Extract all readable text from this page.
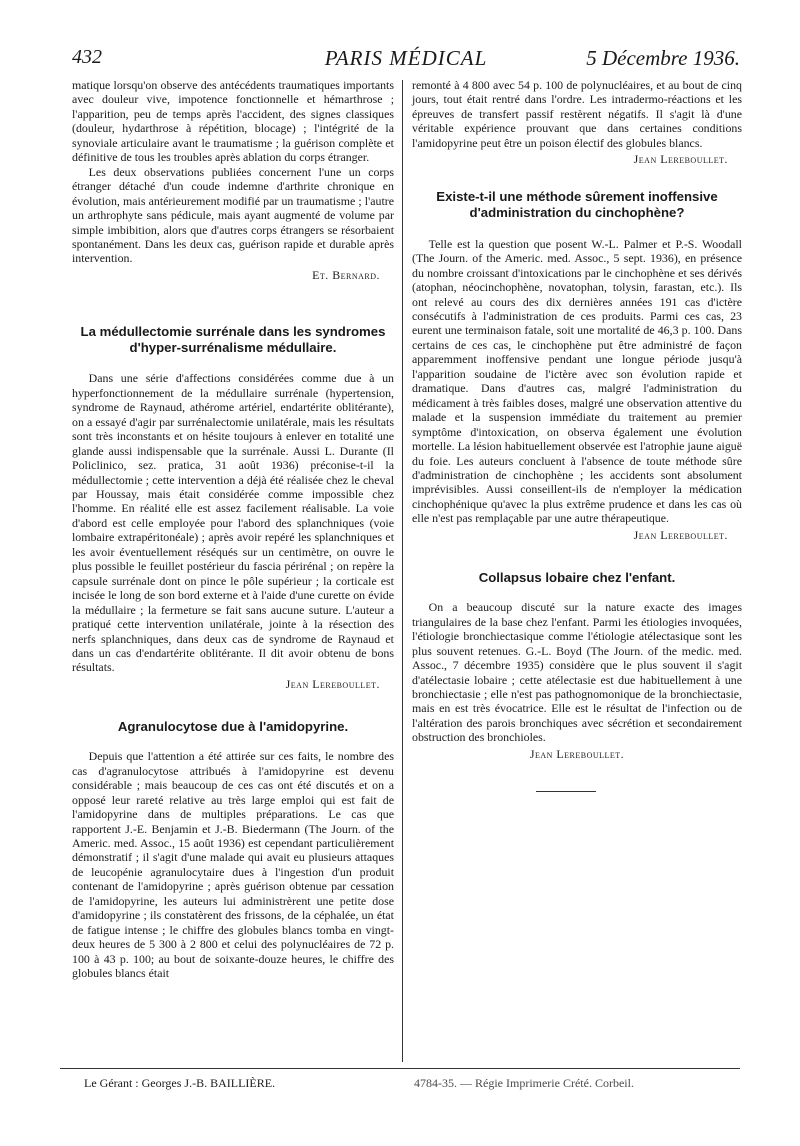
432	PARIS MÉDICAL	5 Décembre 1936.

matique lorsqu'on observe des antécédents traumatiques importants avec douleur vive, impotence fonctionnelle et hémarthrose ; l'apparition, peu de temps après l'accident, des signes classiques (douleur, hydarthrose à répétition, blocage) ; l'intégrité de la synoviale articulaire avant le traumatisme ; la guérison complète et définitive de tous les troubles après ablation du corps étranger.

Les deux observations publiées concernent l'une un corps étranger détaché d'un coude indemne d'arthrite chronique en évolution, mais antérieurement modifié par un traumatisme ; l'autre un arthrophyte sans pédicule, mais ayant augmenté de volume par simple imbibition, alors que d'autres corps étrangers se résorbaient spontanément. Dans les deux cas, guérison rapide et durable après intervention.

Et. Bernard.
La médullectomie surrénale dans les syndromes d'hyper-surrénalisme médullaire.

Dans une série d'affections considérées comme due à un hyperfonctionnement de la médullaire surrénale (hypertension, syndrome de Raynaud, athérome artériel, endartérite oblitérante), on a essayé d'agir par surrénalectomie unilatérale, mais les résultats sont très inconstants et on hésite toujours à enlever en totalité une glande aussi indispensable que la surrénale. Aussi L. Durante (Il Policlinico, sez. pratica, 31 août 1936) préconise-t-il la médullectomie ; cette intervention a déjà été réalisée chez le cheval par Houssay, mais était considérée comme impossible chez l'homme. En réalité elle est assez facilement réalisable. La voie d'abord est celle employée pour l'abord des splanchniques (voie lombaire extrapéritonéale) ; après avoir repéré les splanchniques et les avoir éventuellement réséqués sur un centimètre, on ouvre le plus possible le feuillet postérieur du fascia périrénal ; on repère la capsule surrénale dont on pince le pôle supérieur ; la corticale est incisée le long de son bord externe et à l'aide d'une curette on évide la médullaire ; la fermeture se fait sans aucune suture. L'auteur a pratiqué cette intervention unilatérale, jointe à la résection des nerfs splanchniques, dans deux cas de syndrome de Raynaud et dans un cas d'endartérite oblitérante. Il dit avoir obtenu de bons résultats.

Jean Lereboullet.
Agranulocytose due à l'amidopyrine.

Depuis que l'attention a été attirée sur ces faits, le nombre des cas d'agranulocytose attribués à l'amidopyrine est devenu considérable ; mais beaucoup de ces cas ont été discutés et on a opposé leur rareté relative au très large emploi qui est fait de l'amidopyrine dans de multiples préparations. Le cas que rapportent J.-E. Benjamin et J.-B. Biedermann (The Journ. of the Americ. med. Assoc., 15 août 1936) est cependant particulièrement démonstratif ; il s'agit d'une malade qui avait eu plusieurs attaques de leucopénie agranulocytaire dues à l'ingestion d'un produit contenant de l'amidopyrine ; après guérison obtenue par cessation de l'amidopyrine, les auteurs lui administrèrent une petite dose d'amidopyrine ; ils constatèrent des frissons, de la céphalée, un état de fatigue intense ; le chiffre des globules blancs tomba en vingt-deux heures de 5 300 à 2 800 et celui des polynucléaires de 72 p. 100 à 43 p. 100; au bout de soixante-douze heures, le chiffre des globules blancs était

remonté à 4 800 avec 54 p. 100 de polynucléaires, et au bout de cinq jours, tout était rentré dans l'ordre. Les intradermo-réactions et les épreuves de transfert passif restèrent négatifs. Il s'agit là d'une véritable expérience prouvant que dans certaines conditions l'amidopyrine peut être un poison électif des globules blancs.

Jean Lereboullet.
Existe-t-il une méthode sûrement inoffensive d'administration du cinchophène?

Telle est la question que posent W.-L. Palmer et P.-S. Woodall (The Journ. of the Americ. med. Assoc., 5 sept. 1936), en présence du nombre croissant d'intoxications par le cinchophène et ses dérivés (atophan, néocinchophène, novatophan, tolysin, farastan, etc.). Ils ont relevé au cours des dix dernières années 191 cas d'ictère consécutifs à l'administration de ces produits. Parmi ces cas, 23 eurent une terminaison fatale, soit une mortalité de 46,3 p. 100. Dans certains de ces cas, le cinchophène put être administré de façon apparemment inoffensive pendant une longue période jusqu'à l'apparition soudaine de l'ictère avec son évolution rapide et dramatique. Dans d'autres cas, malgré l'administration du médicament à très faibles doses, malgré une observation attentive du malade et la suspension immédiate du traitement au premier symptôme d'intoxication, on observa également une évolution mortelle. La lésion habituellement observée est l'atrophie jaune aiguë du foie. Les auteurs concluent à l'absence de toute méthode sûre d'administration de cinchophène ; les accidents sont absolument imprévisibles. Aussi conseillent-ils de n'employer la médication cinchophénique qu'avec la plus extrême prudence et dans les cas où elle n'est pas remplaçable par une autre thérapeutique.

Jean Lereboullet.
Collapsus lobaire chez l'enfant.

On a beaucoup discuté sur la nature exacte des images triangulaires de la base chez l'enfant. Parmi les étiologies invoquées, l'étiologie bronchiectasique comme l'étiologie atélectasique sont les plus souvent retenues. G.-L. Boyd (The Journ. of the medic. med. Assoc., 7 décembre 1935) considère que le plus souvent il s'agit d'atélectasie lobaire ; cette atélectasie est due habituellement à une bronchiectasie ; elle n'est pas pathognomonique de la bronchiectasie, mais en est très évocatrice. Elle est le résultat de l'infection ou de l'altération des parois bronchiques avec sécrétion et secondairement obstruction des bronchioles.

Jean Lereboullet.
Le Gérant : Georges J.-B. BAILLIÈRE.	4784-35. — Régie Imprimerie Crété. Corbeil.
